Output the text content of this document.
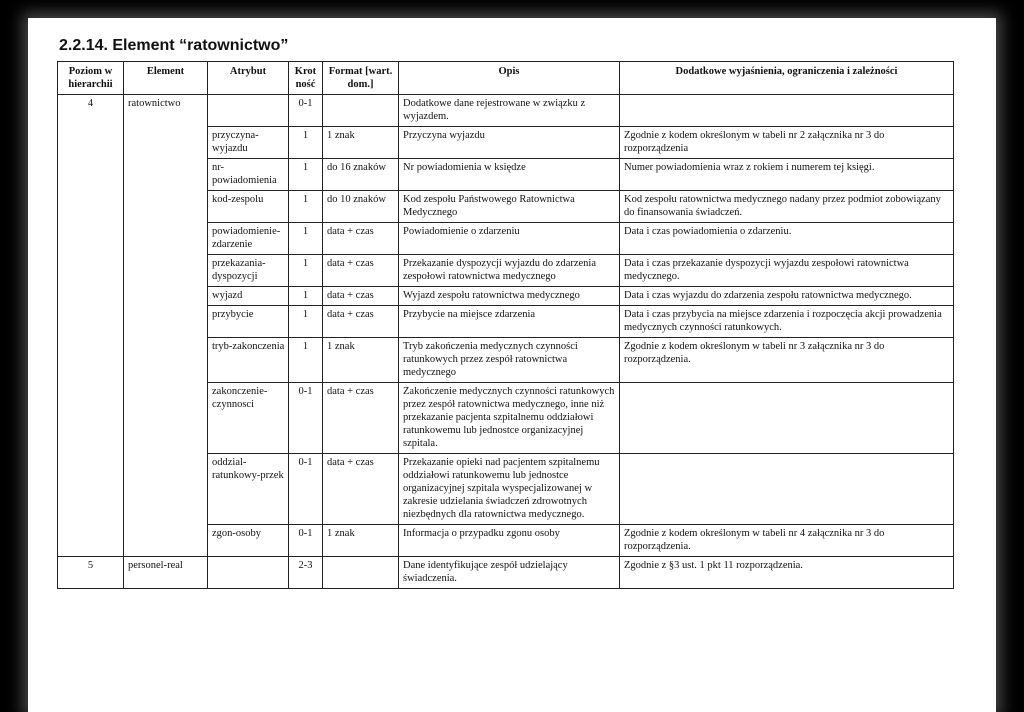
2.2.14. Element “ratownictwo”
Poziom w hierarchii	Element	Atrybut	Krot ność	Format [wart. dom.]	Opis	Dodatkowe wyjaśnienia, ograniczenia i zależności
4	ratownictwo		0-1		Dodatkowe dane rejestrowane w związku z wyjazdem.	
		przyczyna-wyjazdu	1	1 znak	Przyczyna wyjazdu	Zgodnie z kodem określonym w tabeli nr 2 załącznika nr 3 do rozporządzenia
		nr-powiadomienia	1	do 16 znaków	Nr powiadomienia w księdze	Numer powiadomienia wraz z rokiem i numerem tej księgi.
		kod-zespolu	1	do 10 znaków	Kod zespołu Państwowego Ratownictwa Medycznego	Kod zespołu ratownictwa medycznego nadany przez podmiot zobowiązany do finansowania świadczeń.
		powiadomienie-zdarzenie	1	data + czas	Powiadomienie o zdarzeniu	Data i czas powiadomienia o zdarzeniu.
		przekazania-dyspozycji	1	data + czas	Przekazanie dyspozycji wyjazdu do zdarzenia zespołowi ratownictwa medycznego	Data i czas przekazanie dyspozycji wyjazdu zespołowi ratownictwa medycznego.
		wyjazd	1	data + czas	Wyjazd zespołu ratownictwa medycznego	Data i czas wyjazdu do zdarzenia zespołu ratownictwa medycznego.
		przybycie	1	data + czas	Przybycie na miejsce zdarzenia	Data i czas przybycia na miejsce zdarzenia i rozpoczęcia akcji prowadzenia medycznych czynności ratunkowych.
		tryb-zakonczenia	1	1 znak	Tryb zakończenia medycznych czynności ratunkowych przez zespół ratownictwa medycznego	Zgodnie z kodem określonym w tabeli nr 3 załącznika nr 3 do rozporządzenia.
		zakonczenie-czynnosci	0-1	data + czas	Zakończenie medycznych czynności ratunkowych przez zespół ratownictwa medycznego, inne niż przekazanie pacjenta szpitalnemu oddziałowi ratunkowemu lub jednostce organizacyjnej szpitala.	
		oddzial-ratunkowy-przek	0-1	data + czas	Przekazanie opieki nad pacjentem szpitalnemu oddziałowi ratunkowemu lub jednostce organizacyjnej szpitala wyspecjalizowanej w zakresie udzielania świadczeń zdrowotnych niezbędnych dla ratownictwa medycznego.	
		zgon-osoby	0-1	1 znak	Informacja o przypadku zgonu osoby	Zgodnie z kodem określonym w tabeli nr 4 załącznika nr 3 do rozporządzenia.
5	personel-real		2-3		Dane identyfikujące zespół udzielający świadczenia.	Zgodnie z §3 ust. 1 pkt 11 rozporządzenia.
